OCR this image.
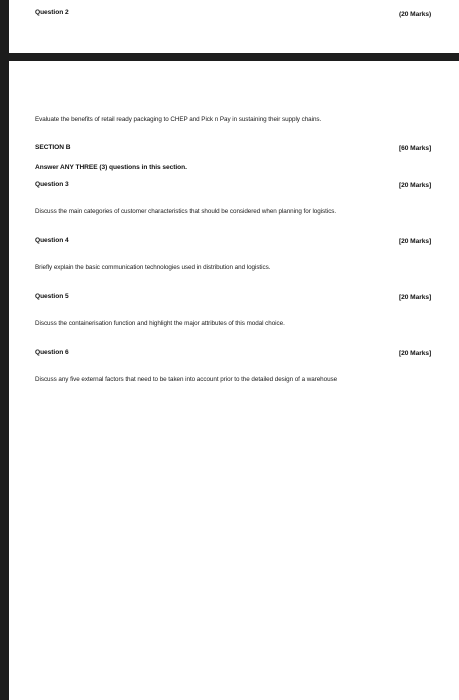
Question 2	(20 Marks)
Evaluate the benefits of retail ready packaging to CHEP and Pick n Pay in sustaining their supply chains.
SECTION B	[60 Marks]
Answer ANY THREE (3) questions in this section.
Question 3	[20 Marks]
Discuss the main categories of customer characteristics that should be considered when planning for logistics.
Question 4	[20 Marks]
Briefly explain the basic communication technologies used in distribution and logistics.
Question 5	[20 Marks]
Discuss the containerisation function and highlight the major attributes of this modal choice.
Question 6	[20 Marks]
Discuss any five external factors that need to be taken into account prior to the detailed design of a warehouse
